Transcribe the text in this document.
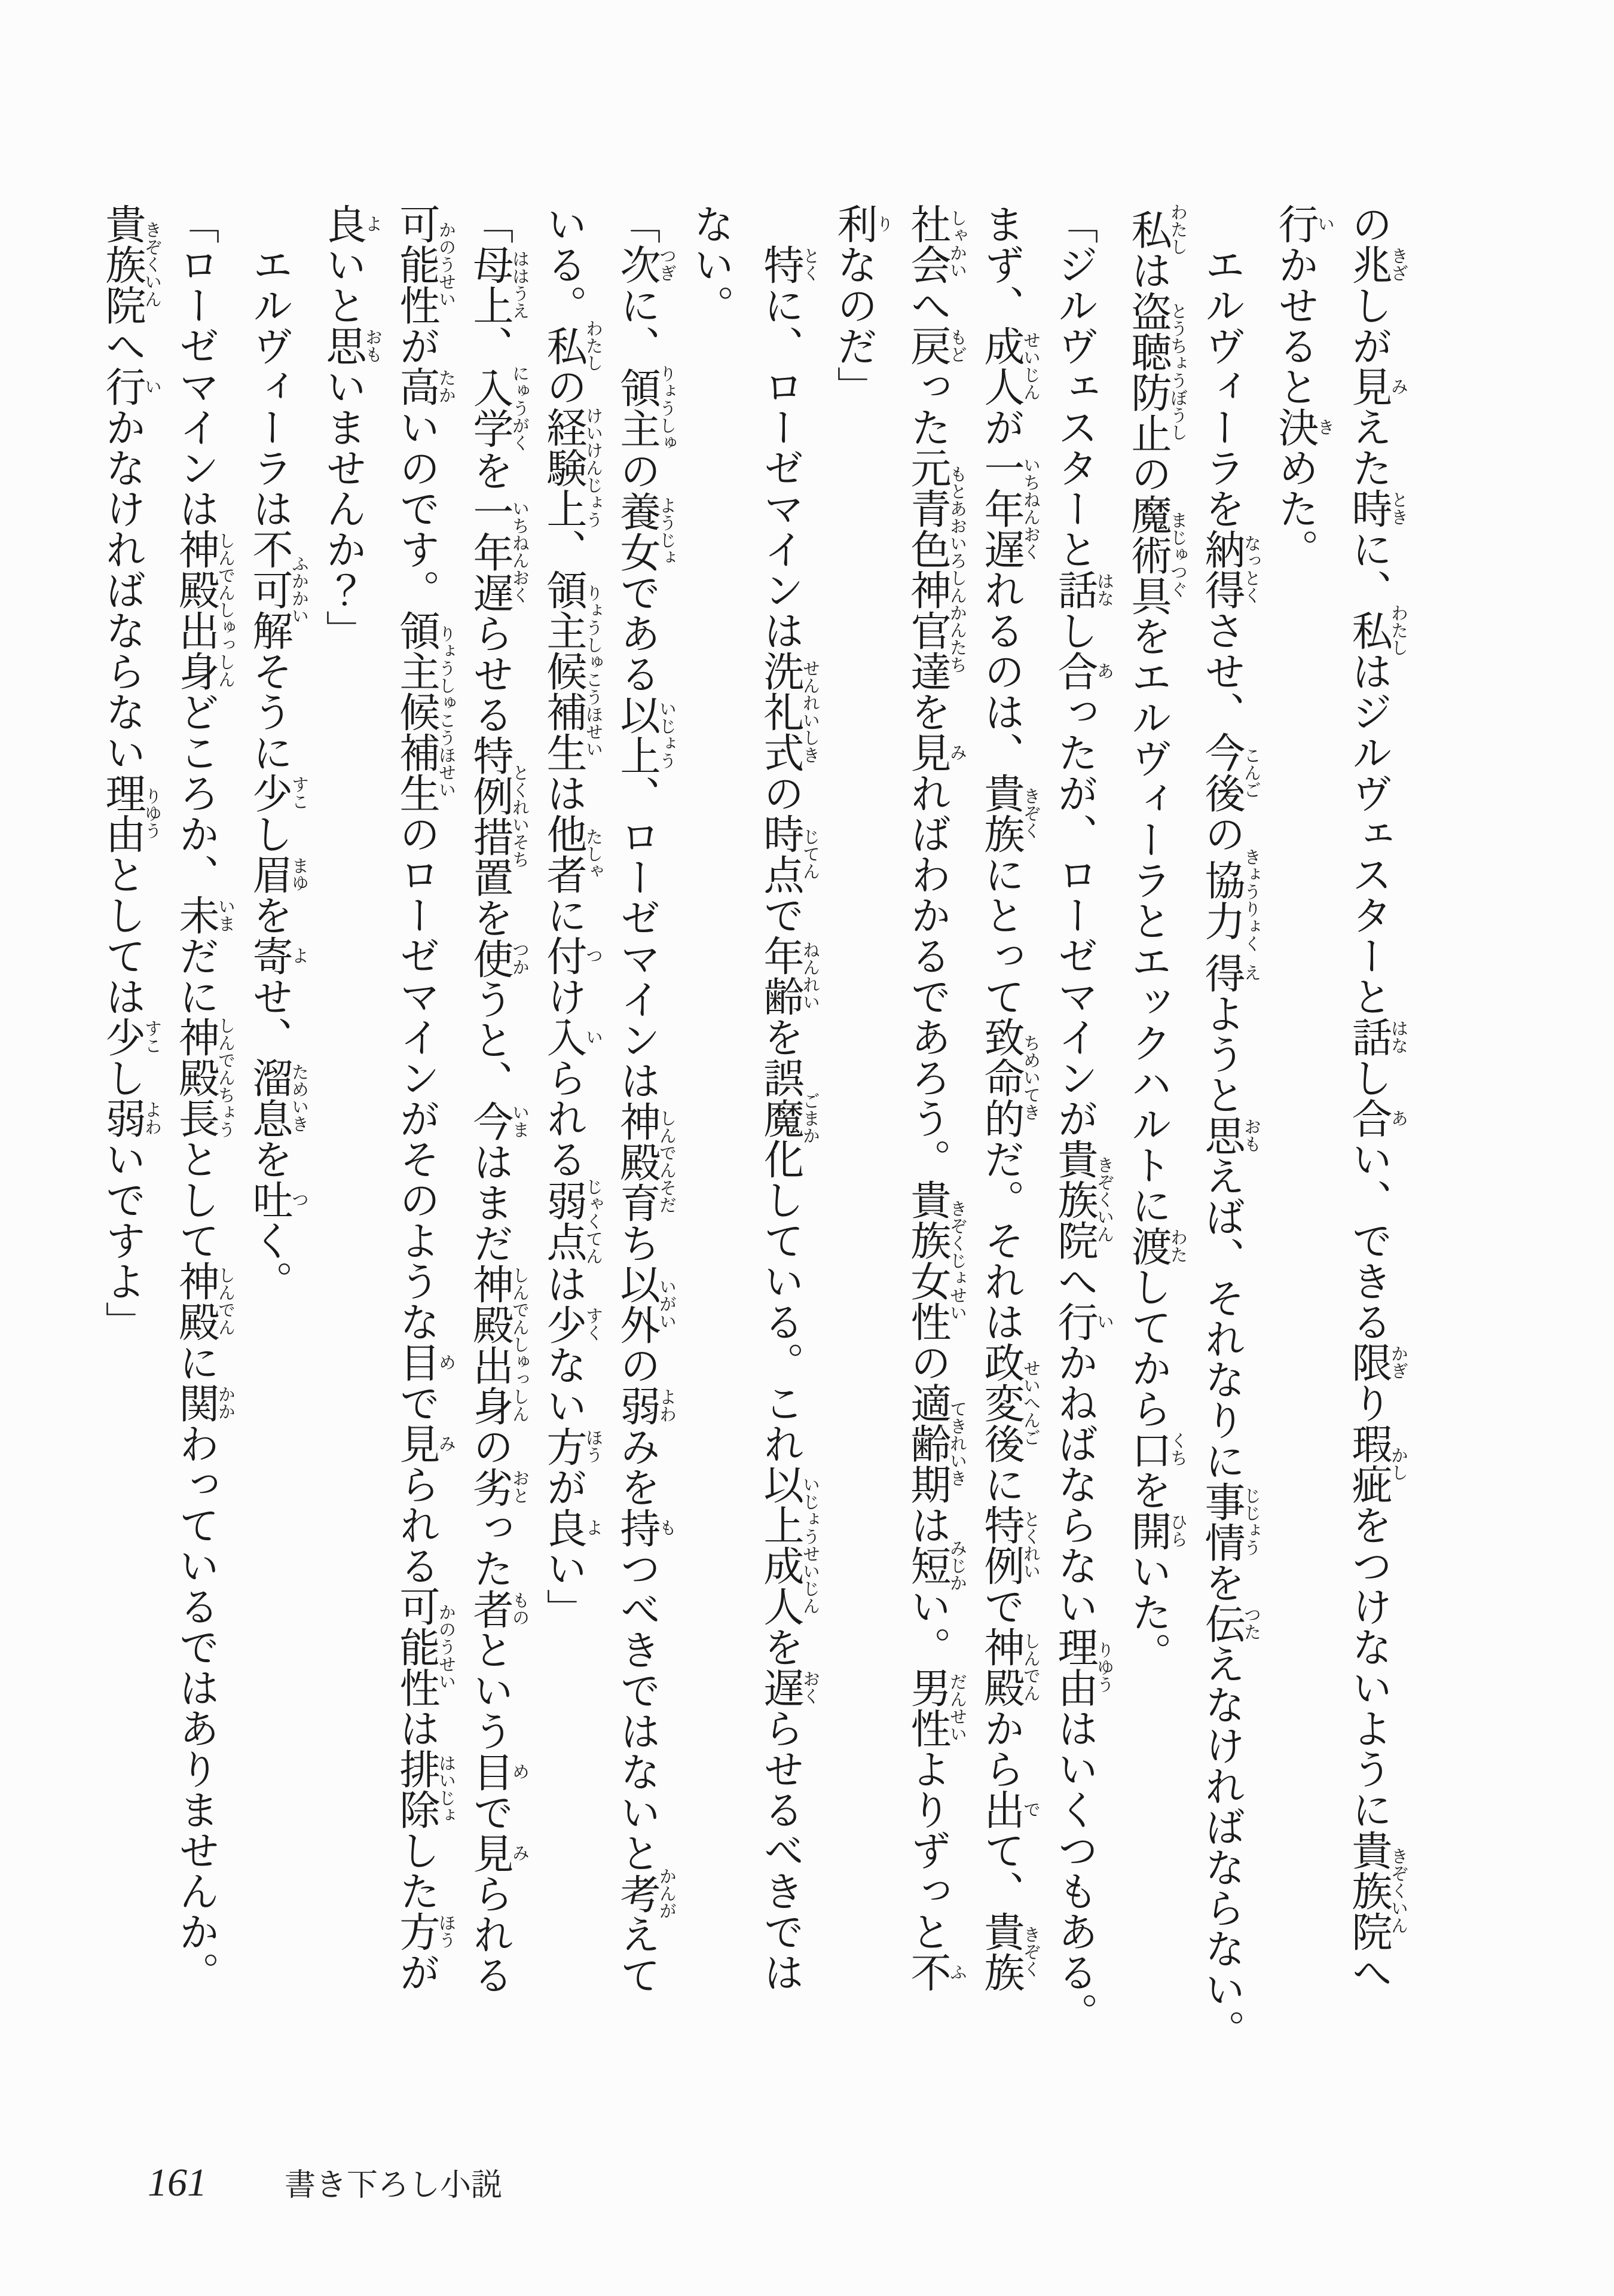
の兆きざしが見みえた時ときに、私わたしはジルヴェスターと話はなし合あい、できる限かぎり瑕疵かしをつけないように貴族院きぞくいんへ

行いかせると決きめた。

エルヴィーラを納得なっとくさせ、今後こんごの協力きょうりょく得えようと思おもえば、それなりに事情じじょうを伝つたえなければならない。

私わたしは盗聴防止とうちょうぼうしの魔術具まじゅつぐをエルヴィーラとエックハルトに渡わたしてから口くちを開ひらいた。

「ジルヴェスターと話はなし合あったが、ローゼマインが貴族院きぞくいんへ行いかねばならない理由りゆうはいくつもある。

まず、成人せいじんが一年遅いちねんおくれるのは、貴族きぞくにとって致命的ちめいてきだ。それは政変後せいへんごに特例とくれいで神殿しんでんから出でて、貴族きぞく

社会しゃかいへ戻もどった元青色神官達もとあおいろしんかんたちを見みればわかるであろう。貴族女性きぞくじょせいの適齢期てきれいきは短みじかい。男性だんせいよりずっと不ふ

利りなのだ」

特とくに、ローゼマインは洗礼式せんれいしきの時点じてんで年齢ねんれいを誤魔化ごまかしている。これ以上成人いじょうせいじんを遅おくらせるべきでは

ない。

「次つぎに、領主りょうしゅの養女ようじょである以上いじょう、ローゼマインは神殿育しんでんそだち以外いがいの弱よわみを持もつべきではないと考かんがえて

いる。私わたしの経験上けいけんじょう、領主候補生りょうしゅこうほせいは他者たしゃに付つけ入いられる弱点じゃくてんは少すくない方ほうが良よい」

「母上ははうえ、入学にゅうがくを一年遅いちねんおくらせる特例措置とくれいそちを使つかうと、今いまはまだ神殿出身しんでんしゅっしんの劣おとった者ものという目めで見みられる

可能性かのうせいが高たかいのです。領主候補生りょうしゅこうほせいのローゼマインがそのような目めで見みられる可能性かのうせいは排除はいじょした方ほうが

良よいと思おもいませんか？」

エルヴィーラは不可解ふかかいそうに少すこし眉まゆを寄よせ、溜息ためいきを吐つく。

「ローゼマインは神殿出身しんでんしゅっしんどころか、未いまだに神殿長しんでんちょうとして神殿しんでんに関かかわっているではありませんか。

貴族院きぞくいんへ行いかなければならない理由りゆうとしては少すこし弱よわいですよ」

161	書き下ろし小説
